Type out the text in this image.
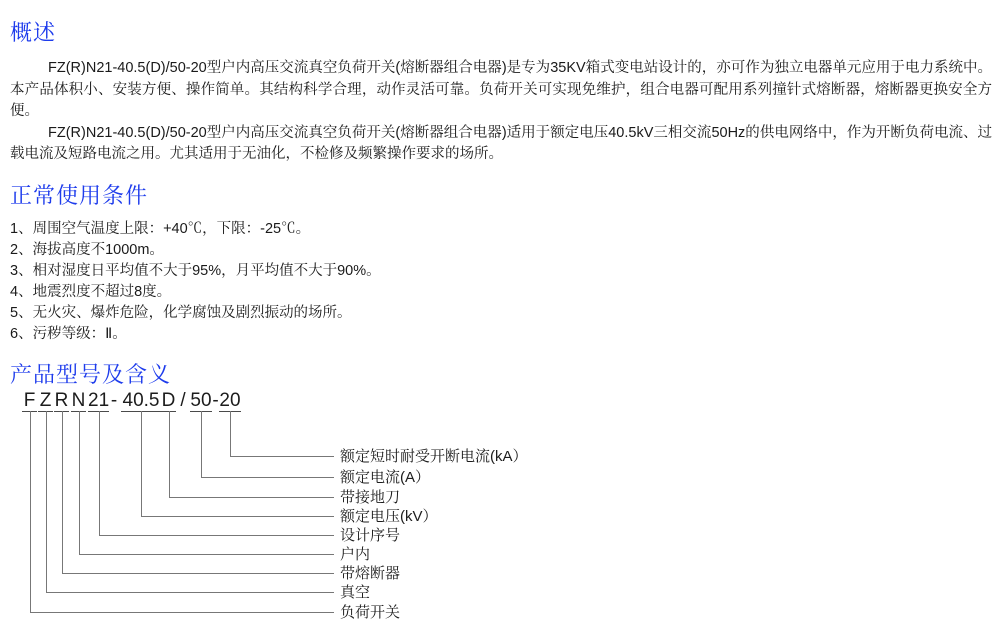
概述

FZ(R)N21-40.5(D)/50-20型户内高压交流真空负荷开关(熔断器组合电器)是专为35KV箱式变电站设计的，亦可作为独立电器单元应用于电力系统中。本产品体积小、安装方便、操作简单。其结构科学合理，动作灵活可靠。负荷开关可实现免维护，组合电器可配用系列撞针式熔断器，熔断器更换安全方便。

FZ(R)N21-40.5(D)/50-20型户内高压交流真空负荷开关(熔断器组合电器)适用于额定电压40.5kV三相交流50Hz的供电网络中，作为开断负荷电流、过载电流及短路电流之用。尤其适用于无油化，不检修及频繁操作要求的场所。

正常使用条件
1、周围空气温度上限：+40℃，下限：-25℃。
2、海拔高度不1000m。
3、相对湿度日平均值不大于95%，月平均值不大于90%。
4、地震烈度不超过8度。
5、无火灾、爆炸危险，化学腐蚀及剧烈振动的场所。
6、污秽等级：Ⅱ。
产品型号及含义
F Z R N 21 - 40.5 D / 50 - 20
额定短时耐受开断电流(kA）
额定电流(A）
带接地刀
额定电压(kV）
设计序号
户内
带熔断器
真空
负荷开关
